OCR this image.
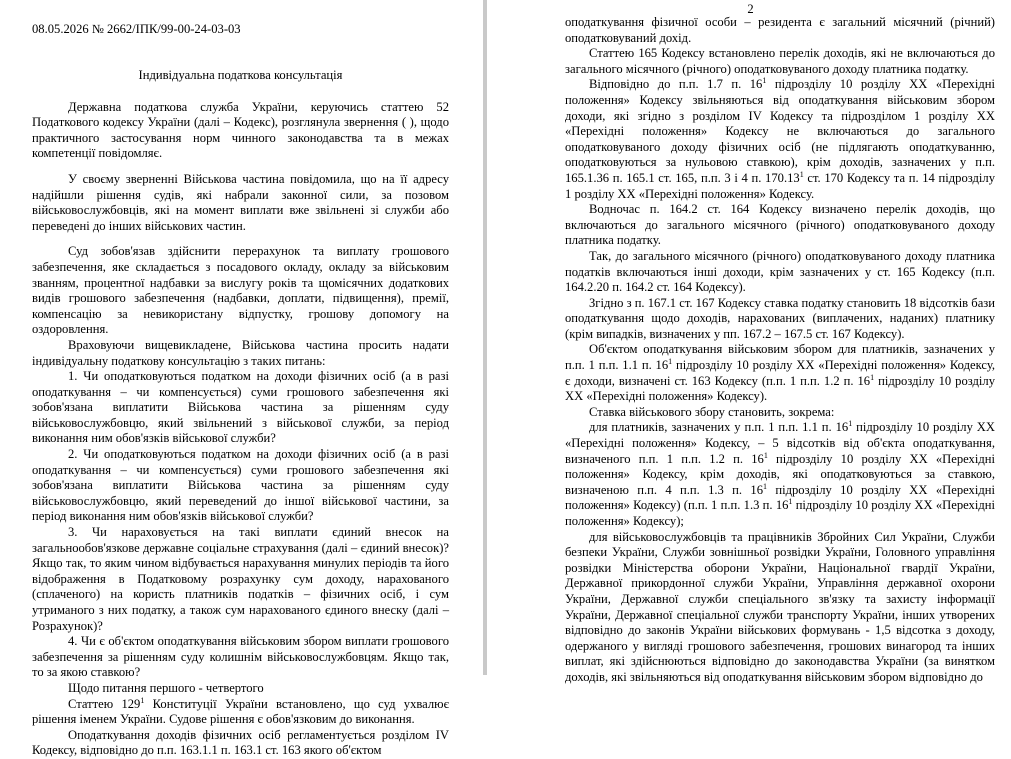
08.05.2026 № 2662/ІПК/99-00-24-03-03

Індивідуальна податкова консультація

Державна податкова служба України, керуючись статтею 52 Податкового кодексу України (далі – Кодекс), розглянула звернення ( ), щодо практичного застосування норм чинного законодавства та в межах компетенції повідомляє.

У своєму зверненні Військова частина повідомила, що на її адресу надійшли рішення судів, які набрали законної сили, за позовом військовослужбовців, які на момент виплати вже звільнені зі служби або переведені до інших військових частин.

Суд зобов'язав здійснити перерахунок та виплату грошового забезпечення, яке складається з посадового окладу, окладу за військовим званням, процентної надбавки за вислугу років та щомісячних додаткових видів грошового забезпечення (надбавки, доплати, підвищення), премії, компенсацію за невикористану відпустку, грошову допомогу на оздоровлення.

Враховуючи вищевикладене, Військова частина просить надати індивідуальну податкову консультацію з таких питань:

1. Чи оподатковуються податком на доходи фізичних осіб (а в разі оподаткування – чи компенсується) суми грошового забезпечення які зобов'язана виплатити Військова частина за рішенням суду військовослужбовцю, який звільнений з військової служби, за період виконання ним обов'язків військової служби?

2. Чи оподатковуються податком на доходи фізичних осіб (а в разі оподаткування – чи компенсується) суми грошового забезпечення які зобов'язана виплатити Військова частина за рішенням суду військовослужбовцю, який переведений до іншої військової частини, за період виконання ним обов'язків військової служби?

3. Чи нараховується на такі виплати єдиний внесок на загальнообов'язкове державне соціальне страхування (далі – єдиний внесок)? Якщо так, то яким чином відбувається нарахування минулих періодів та його відображення в Податковому розрахунку сум доходу, нарахованого (сплаченого) на користь платників податків – фізичних осіб, і сум утриманого з них податку, а також сум нарахованого єдиного внеску (далі – Розрахунок)?

4. Чи є об'єктом оподаткування військовим збором виплати грошового забезпечення за рішенням суду колишнім військовослужбовцям. Якщо так, то за якою ставкою?

Щодо питання першого - четвертого

Статтею $129^1$ Конституції України встановлено, що суд ухвалює рішення іменем України. Судове рішення є обов'язковим до виконання.

Оподаткування доходів фізичних осіб регламентується розділом IV Кодексу, відповідно до п.п. 163.1.1 п. 163.1 ст. 163 якого об'єктом

2

оподаткування фізичної особи – резидента є загальний місячний (річний) оподатковуваний дохід.

Статтею 165 Кодексу встановлено перелік доходів, які не включаються до загального місячного (річного) оподатковуваного доходу платника податку.

Відповідно до п.п. 1.7 п. $16^1$ підрозділу 10 розділу XX «Перехідні положення» Кодексу звільняються від оподаткування військовим збором доходи, які згідно з розділом IV Кодексу та підрозділом 1 розділу XX «Перехідні положення» Кодексу не включаються до загального оподатковуваного доходу фізичних осіб (не підлягають оподаткуванню, оподатковуються за нульовою ставкою), крім доходів, зазначених у п.п. 165.1.36 п. 165.1 ст. 165, п.п. 3 і 4 п. 170.13$^1$ ст. 170 Кодексу та п. 14 підрозділу 1 розділу XX «Перехідні положення» Кодексу.

Водночас п. 164.2 ст. 164 Кодексу визначено перелік доходів, що включаються до загального місячного (річного) оподатковуваного доходу платника податку.

Так, до загального місячного (річного) оподатковуваного доходу платника податків включаються інші доходи, крім зазначених у ст. 165 Кодексу (п.п. 164.2.20 п. 164.2 ст. 164 Кодексу).

Згідно з п. 167.1 ст. 167 Кодексу ставка податку становить 18 відсотків бази оподаткування щодо доходів, нарахованих (виплачених, наданих) платнику (крім випадків, визначених у пп. 167.2 – 167.5 ст. 167 Кодексу).

Об'єктом оподаткування військовим збором для платників, зазначених у п.п. 1 п.п. 1.1 п. $16^1$ підрозділу 10 розділу XX «Перехідні положення» Кодексу, є доходи, визначені ст. 163 Кодексу (п.п. 1 п.п. 1.2 п. $16^1$ підрозділу 10 розділу XX «Перехідні положення» Кодексу).

Ставка військового збору становить, зокрема:

для платників, зазначених у п.п. 1 п.п. 1.1 п. $16^1$ підрозділу 10 розділу XX «Перехідні положення» Кодексу, – 5 відсотків від об'єкта оподаткування, визначеного п.п. 1 п.п. 1.2 п. $16^1$ підрозділу 10 розділу XX «Перехідні положення» Кодексу, крім доходів, які оподатковуються за ставкою, визначеною п.п. 4 п.п. 1.3 п. $16^1$ підрозділу 10 розділу XX «Перехідні положення» Кодексу) (п.п. 1 п.п. 1.3 п. $16^1$ підрозділу 10 розділу XX «Перехідні положення» Кодексу);

для військовослужбовців та працівників Збройних Сил України, Служби безпеки України, Служби зовнішньої розвідки України, Головного управління розвідки Міністерства оборони України, Національної гвардії України, Державної прикордонної служби України, Управління державної охорони України, Державної служби спеціального зв'язку та захисту інформації України, Державної спеціальної служби транспорту України, інших утворених відповідно до законів України військових формувань - 1,5 відсотка з доходу, одержаного у вигляді грошового забезпечення, грошових винагород та інших виплат, які здійснюються відповідно до законодавства України (за винятком доходів, які звільняються від оподаткування військовим збором відповідно до
